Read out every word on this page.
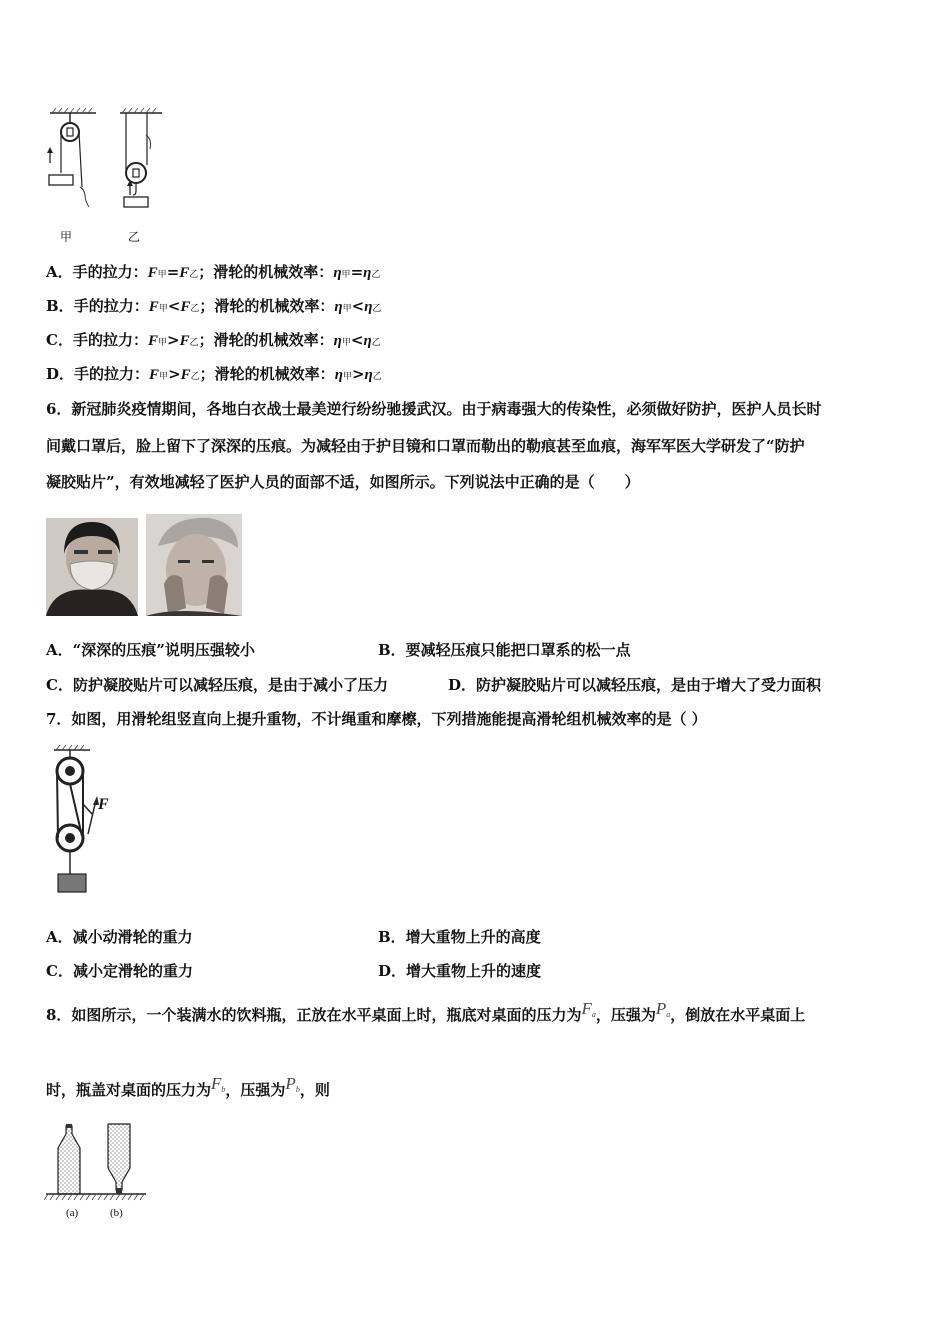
甲	乙
A．手的拉力：F甲=F乙；滑轮的机械效率：η甲=η乙
B．手的拉力：F甲<F乙；滑轮的机械效率：η甲<η乙
C．手的拉力：F甲>F乙；滑轮的机械效率：η甲<η乙
D．手的拉力：F甲>F乙；滑轮的机械效率：η甲>η乙
6．新冠肺炎疫情期间，各地白衣战士最美逆行纷纷驰援武汉。由于病毒强大的传染性，必须做好防护，医护人员长时
间戴口罩后，脸上留下了深深的压痕。为减轻由于护目镜和口罩而勒出的勒痕甚至血痕，海军军医大学研发了“防护
凝胶贴片”，有效地减轻了医护人员的面部不适，如图所示。下列说法中正确的是（　　）
A．“深深的压痕”说明压强较小	B．要减轻压痕只能把口罩系的松一点
C．防护凝胶贴片可以减轻压痕，是由于减小了压力	D．防护凝胶贴片可以减轻压痕，是由于增大了受力面积
7．如图，用滑轮组竖直向上提升重物，不计绳重和摩檫，下列措施能提高滑轮组机械效率的是（ ）
F
A．减小动滑轮的重力	B．增大重物上升的高度
C．减小定滑轮的重力	D．增大重物上升的速度
8．如图所示，一个装满水的饮料瓶，正放在水平桌面上时，瓶底对桌面的压力为Fa，压强为Pa，倒放在水平桌面上
时，瓶盖对桌面的压力为Fb，压强为Pb，则
(a)	(b)
